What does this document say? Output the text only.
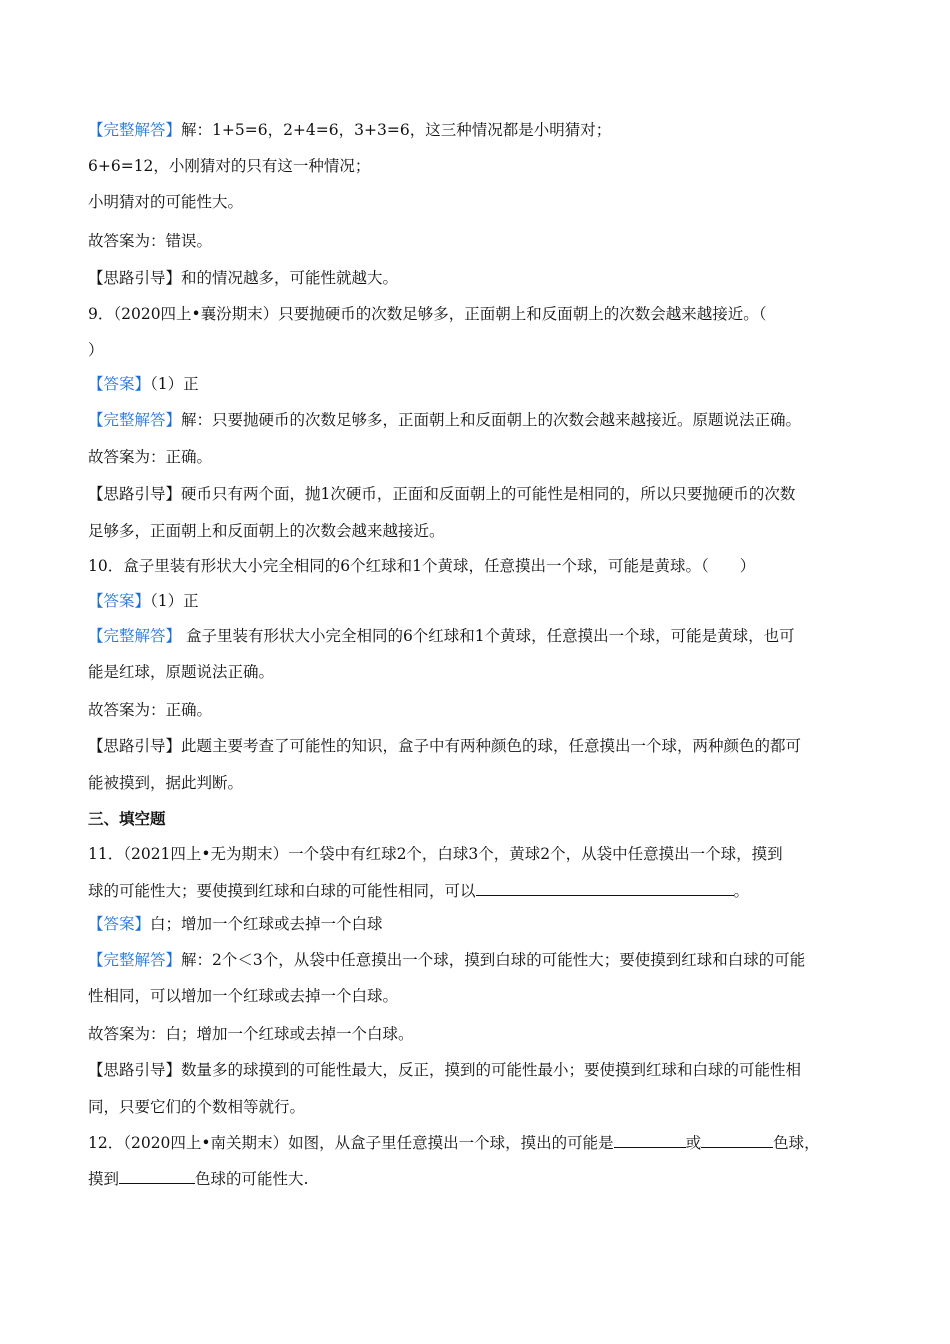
【完整解答】解：1+5=6，2+4=6，3+3=6，这三种情况都是小明猜对；
6+6=12，小刚猜对的只有这一种情况；
小明猜对的可能性大。
故答案为：错误。
【思路引导】和的情况越多，可能性就越大。
9．（2020四上•襄汾期末）只要抛硬币的次数足够多，正面朝上和反面朝上的次数会越来越接近。（
）
【答案】（1）正
【完整解答】解：只要抛硬币的次数足够多，正面朝上和反面朝上的次数会越来越接近。原题说法正确。
故答案为：正确。
【思路引导】硬币只有两个面，抛1次硬币，正面和反面朝上的可能性是相同的，所以只要抛硬币的次数
足够多，正面朝上和反面朝上的次数会越来越接近。
10．盒子里装有形状大小完全相同的6个红球和1个黄球，任意摸出一个球，可能是黄球。（　　）
【答案】（1）正
【完整解答】 盒子里装有形状大小完全相同的6个红球和1个黄球，任意摸出一个球，可能是黄球，也可
能是红球，原题说法正确。
故答案为：正确。
【思路引导】此题主要考查了可能性的知识，盒子中有两种颜色的球，任意摸出一个球，两种颜色的都可
能被摸到，据此判断。
三、填空题
11．（2021四上•无为期末）一个袋中有红球2个，白球3个，黄球2个，从袋中任意摸出一个球，摸到
球的可能性大；要使摸到红球和白球的可能性相同，可以	。
【答案】白；增加一个红球或去掉一个白球
【完整解答】解：2个＜3个，从袋中任意摸出一个球，摸到白球的可能性大；要使摸到红球和白球的可能
性相同，可以增加一个红球或去掉一个白球。
故答案为：白；增加一个红球或去掉一个白球。
【思路引导】数量多的球摸到的可能性最大，反正，摸到的可能性最小；要使摸到红球和白球的可能性相
同，只要它们的个数相等就行。
12．（2020四上•南关期末）如图，从盒子里任意摸出一个球，摸出的可能是	或	色球，
摸到	色球的可能性大.
